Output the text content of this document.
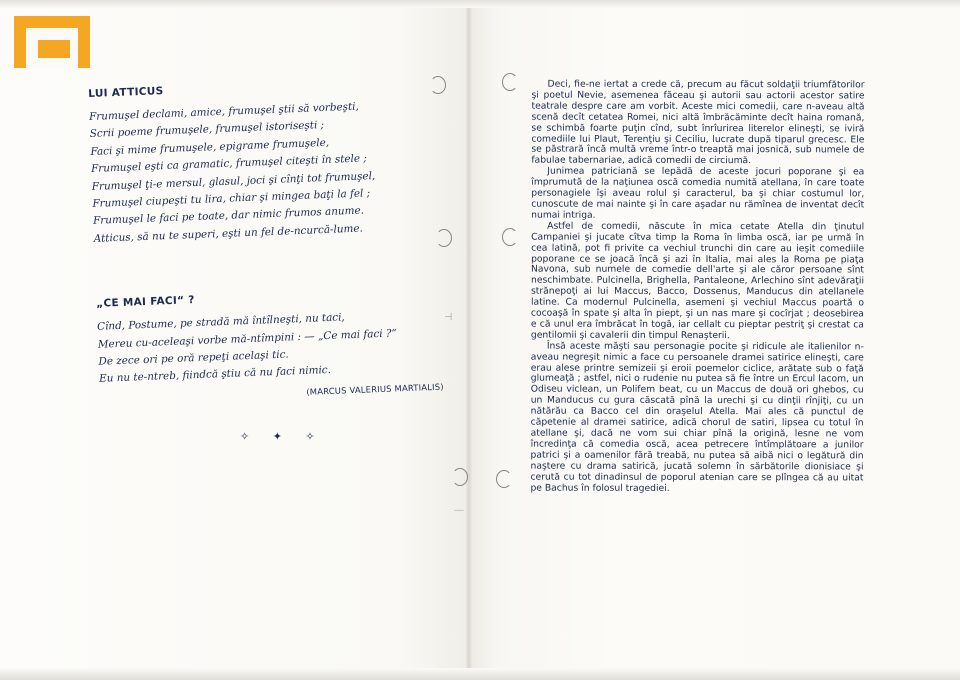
⊣
—
LUI ATTICUS
Frumuşel declami, amice, frumuşel ştii să vorbeşti,
Scrii poeme frumuşele, frumuşel istoriseşti ;
Faci şi mime frumuşele, epigrame frumuşele,
Frumuşel eşti ca gramatic, frumuşel citeşti în stele ;
Frumuşel ţi-e mersul, glasul, joci şi cînţi tot frumuşel,
Frumuşel ciupeşti tu lira, chiar şi mingea baţi la fel ;
Frumuşel le faci pe toate, dar nimic frumos anume.
Atticus, să nu te superi, eşti un fel de-ncurcă-lume.
„CE MAI FACI“ ?
Cînd, Postume, pe stradă mă întîlneşti, nu taci,
Mereu cu-aceleaşi vorbe mă-ntîmpini : — „Ce mai faci ?“
De zece ori pe oră repeţi acelaşi tic.
Eu nu te-ntreb, fiindcă ştiu că nu faci nimic.
(MARCUS VALERIUS MARTIALIS)
✧ ✦ ✧

Deci, fie-ne iertat a crede că, precum au făcut soldaţii triumfătorilor şi poetul Nevie, asemenea făceau şi autorii sau actorii acestor satire teatrale despre care am vorbit. Aceste mici comedii, care n-aveau altă scenă decît cetatea Romei, nici altă îmbrăcăminte decît haina romană, se schimbă foarte puţin cînd, subt înrîurirea literelor elineşti, se iviră comediile lui Plaut, Terenţiu şi Ceciliu, lucrate după tiparul grecesc. Ele se păstrară încă multă vreme într-o treaptă mai josnică, sub numele de fabulae tabernariae, adică comedii de circiumă.

Junimea patriciană se lepădă de aceste jocuri poporane şi ea împrumută de la naţiunea oscă comedia numită atellana, în care toate personagiele îşi aveau rolul şi caracterul, ba şi chiar costumul lor, cunoscute de mai nainte şi în care aşadar nu rămînea de inventat decît numai intriga.

Astfel de comedii, născute în mica cetate Atella din ţinutul Campaniei şi jucate cîtva timp la Roma în limba oscă, iar pe urmă în cea latină, pot fi privite ca vechiul trunchi din care au ieşit comediile poporane ce se joacă încă şi azi în Italia, mai ales la Roma pe piaţa Navona, sub numele de comedie dell'arte şi ale căror persoane sînt neschimbate. Pulcinella, Brighella, Pantaleone, Arlechino sînt adevăraţii strănepoţi ai lui Maccus, Bacco, Dossenus, Manducus din atellanele latine. Ca modernul Pulcinella, asemeni şi vechiul Maccus poartă o cocoaşă în spate şi alta în piept, şi un nas mare şi cocîrjat ; deosebirea e că unul era îmbrăcat în togă, iar cellalt cu pieptar pestriţ şi crestat ca gentilomii şi cavalerii din timpul Renaşterii.

Însă aceste măşti sau personagie pocite şi ridicule ale italienilor n-aveau negreşit nimic a face cu persoanele dramei satirice elineşti, care erau alese printre semizeii şi eroii poemelor ciclice, arătate sub o faţă glumeaţă ; astfel, nici o rudenie nu putea să fie între un Ercul lacom, un Odiseu viclean, un Polifem beat, cu un Maccus de două ori ghebos, cu un Manducus cu gura căscată pînă la urechi şi cu dinţii rînjiţi, cu un nătărău ca Bacco cel din oraşelul Atella. Mai ales că punctul de căpetenie al dramei satirice, adică chorul de satiri, lipsea cu totul în atellane şi, dacă ne vom sui chiar pînă la origină, lesne ne vom încredinţa că comedia oscă, acea petrecere întîmplătoare a junilor patrici şi a oamenilor fără treabă, nu putea să aibă nici o legătură din naştere cu drama satirică, jucată solemn în sărbătorile dionisiace şi cerută cu tot dinadinsul de poporul atenian care se plîngea că au uitat pe Bachus în folosul tragediei.
